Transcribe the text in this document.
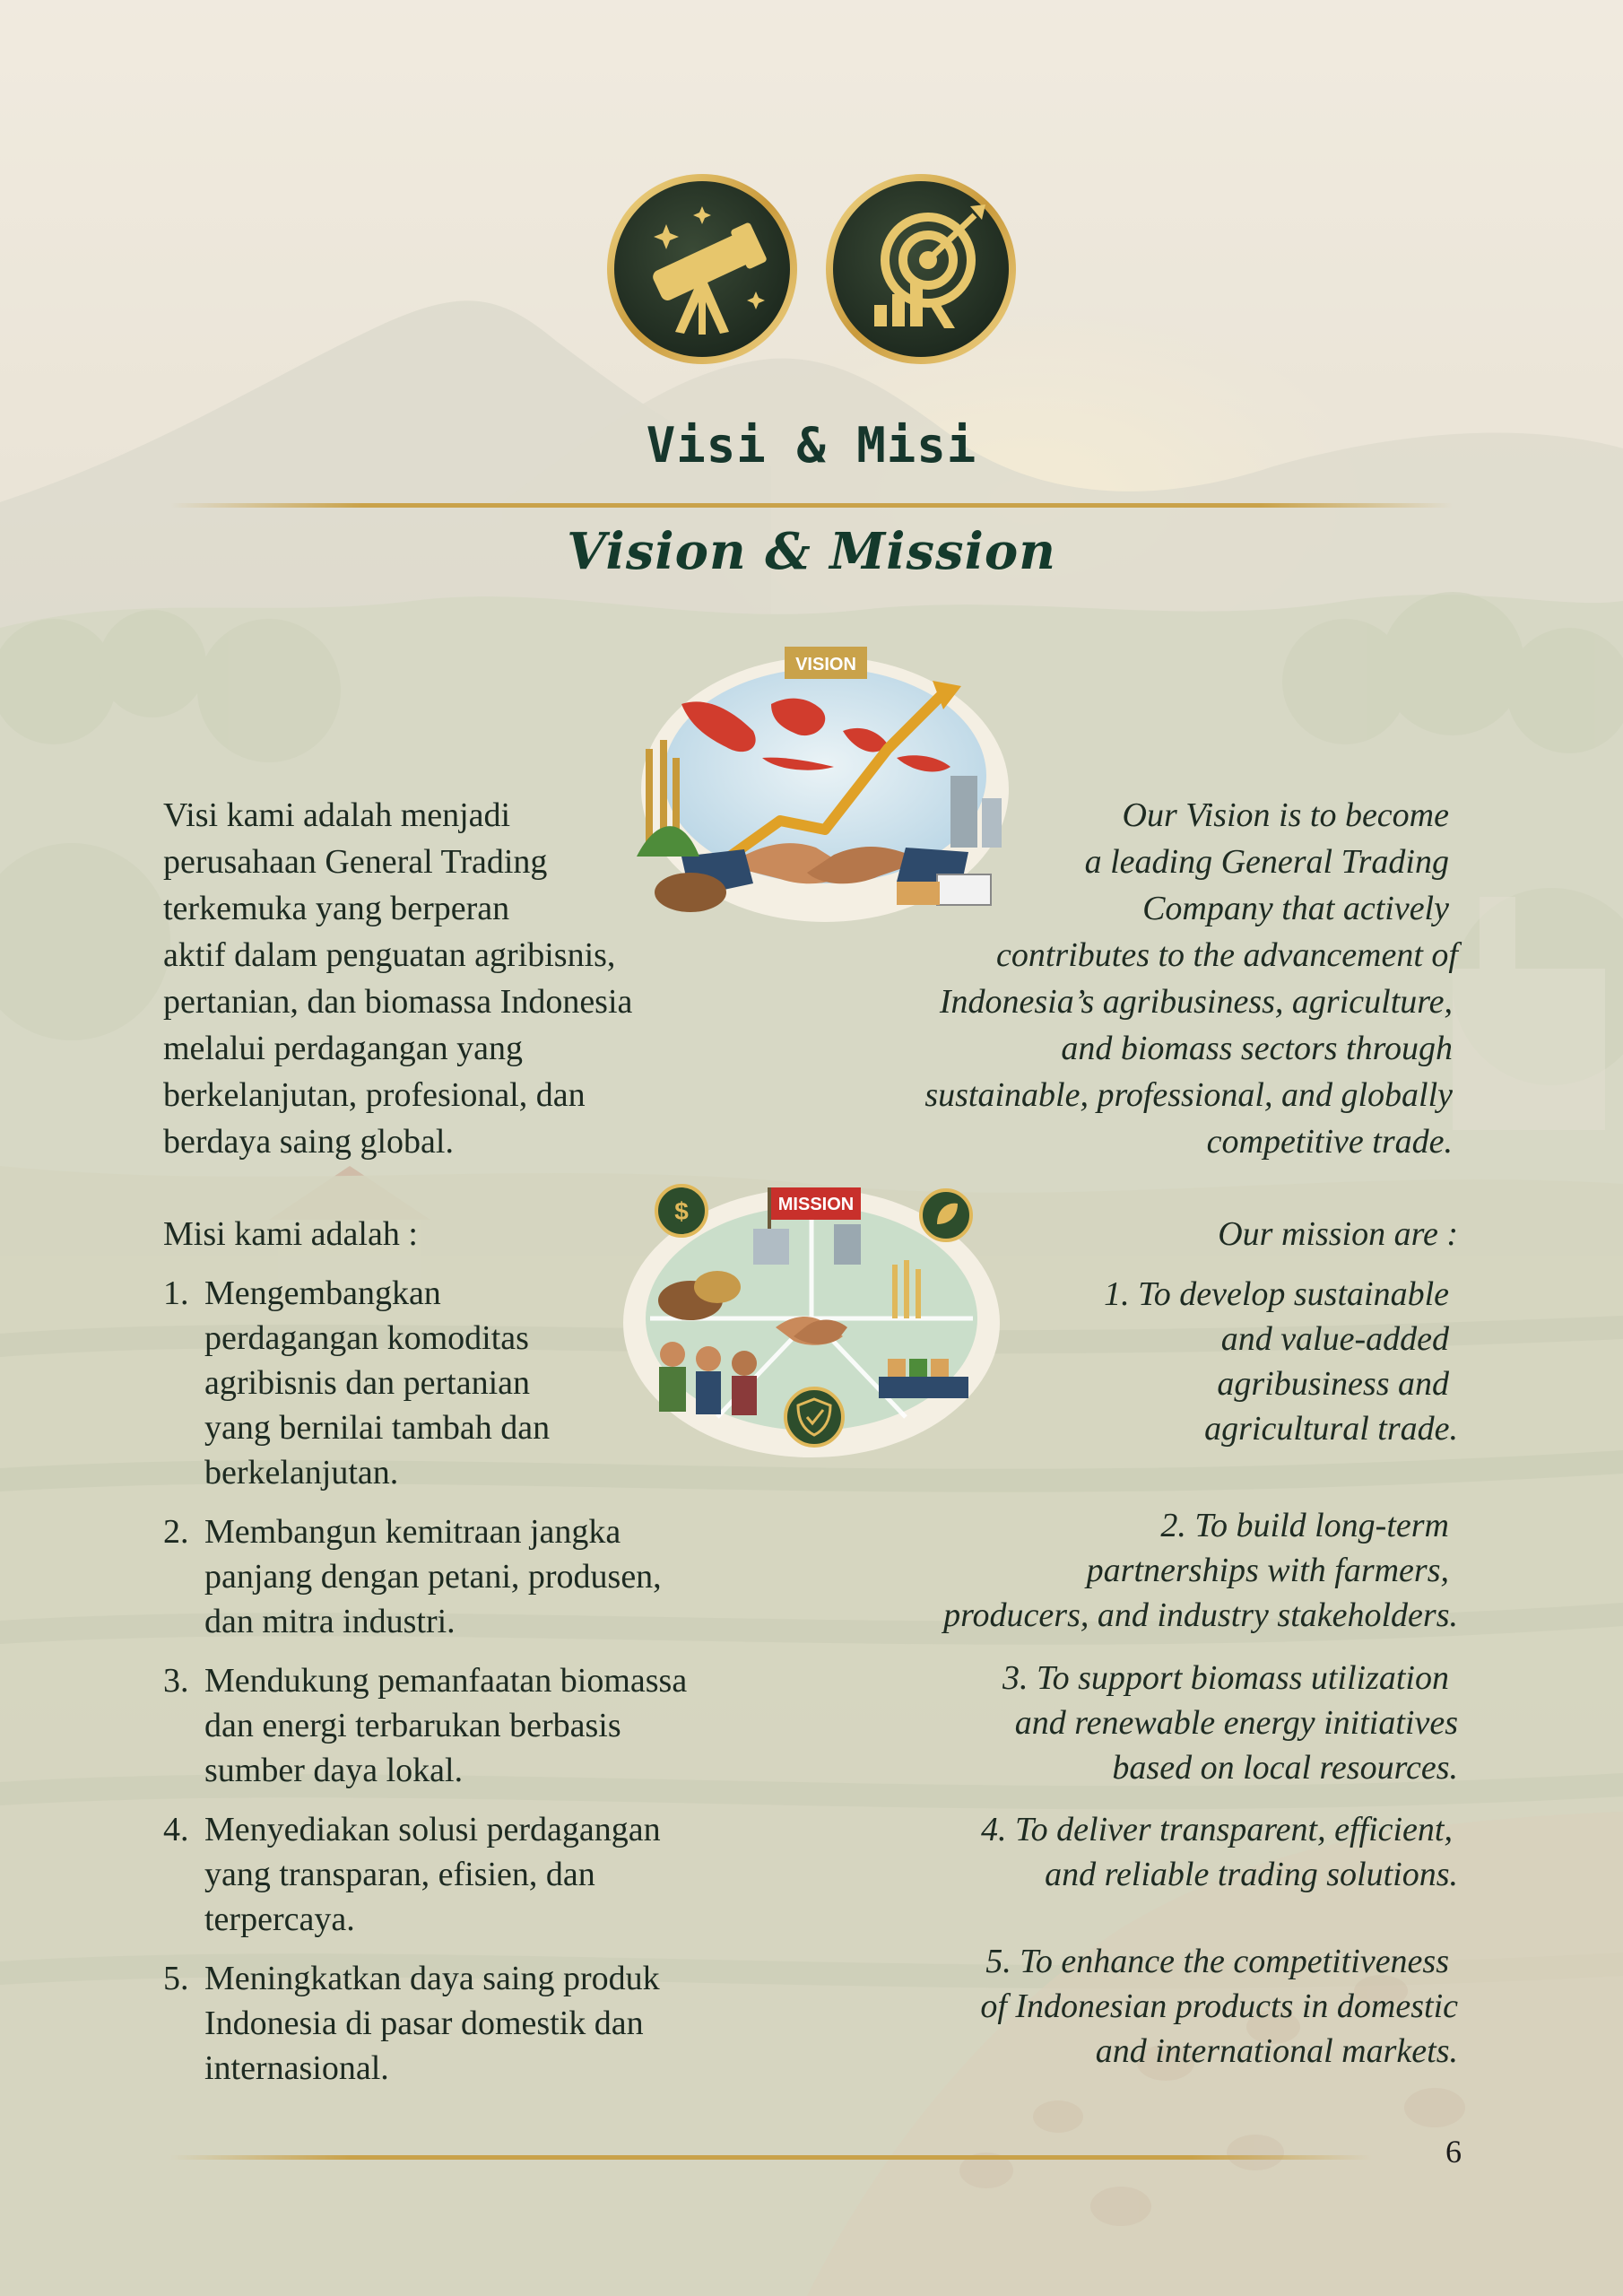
Visi & Misi
Vision & Mission
VISION
MISSION
$
Visi kami adalah menjadi
perusahaan General Trading
terkemuka yang berperan
aktif dalam penguatan agribisnis,
pertanian, dan biomassa Indonesia
melalui perdagangan yang
berkelanjutan, profesional, dan
berdaya saing global.
Our Vision is to become
a leading General Trading
Company that actively
contributes to the advancement of
Indonesia’s agribusiness, agriculture,
and biomass sectors through
sustainable, professional, and globally
competitive trade.
Misi kami adalah :	Our mission are :
1. Mengembangkan
perdagangan komoditas
agribisnis dan pertanian
yang bernilai tambah dan
berkelanjutan.
2. Membangun kemitraan jangka
panjang dengan petani, produsen,
dan mitra industri.
3. Mendukung pemanfaatan biomassa
dan energi terbarukan berbasis
sumber daya lokal.
4. Menyediakan solusi perdagangan
yang transparan, efisien, dan
terpercaya.
5. Meningkatkan daya saing produk
Indonesia di pasar domestik dan
internasional.
1. To develop sustainable
and value-added
agribusiness and
agricultural trade.
2. To build long-term
partnerships with farmers,
producers, and industry stakeholders.
3. To support biomass utilization
and renewable energy initiatives
based on local resources.
4. To deliver transparent, efficient,
and reliable trading solutions.
5. To enhance the competitiveness
of Indonesian products in domestic
and international markets.
6
